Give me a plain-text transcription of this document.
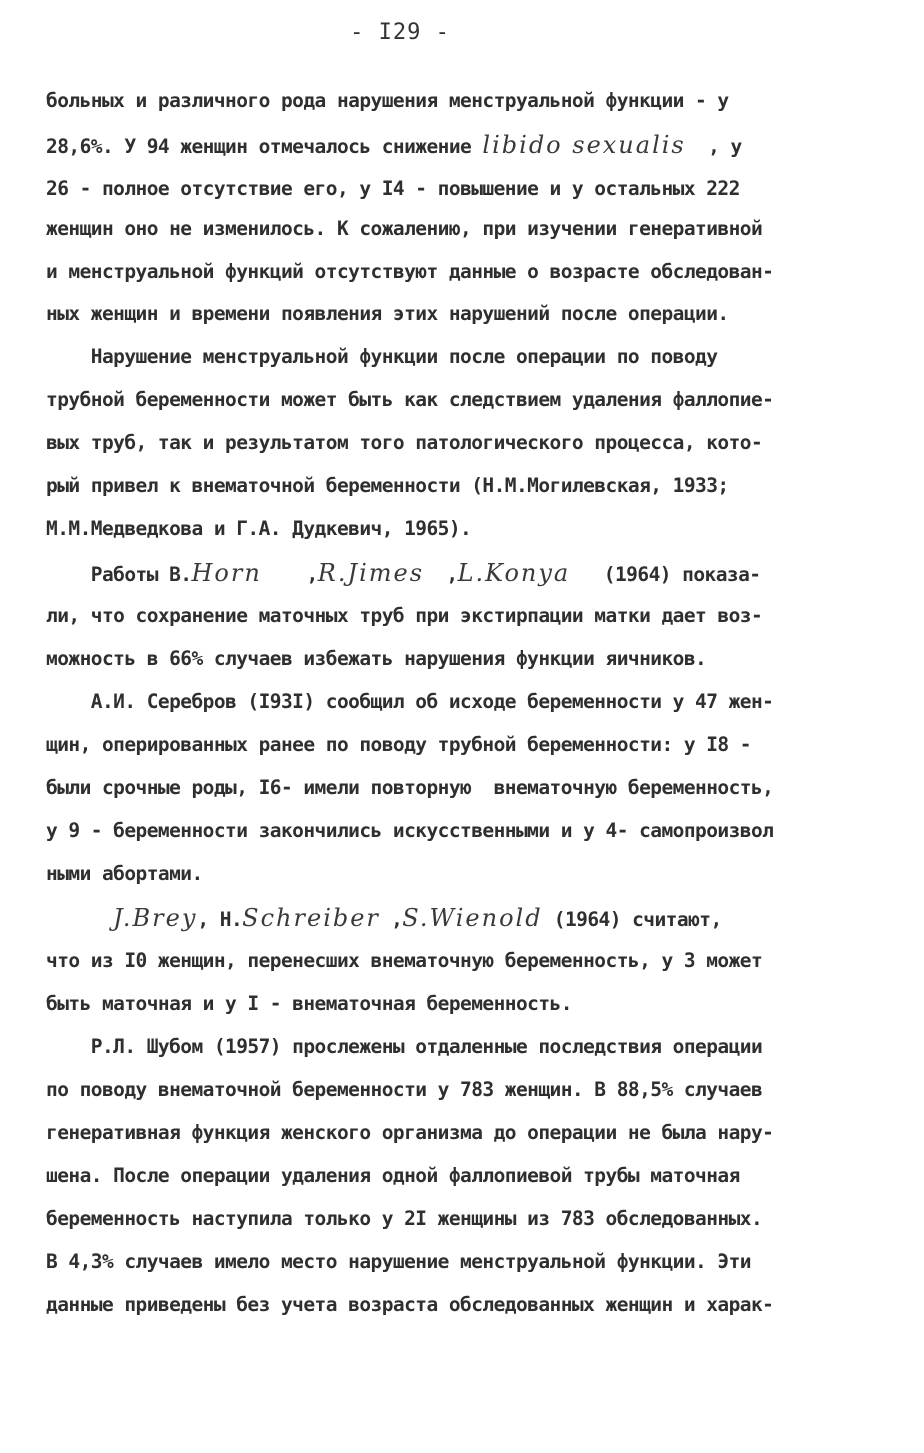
- I29 -
больных и различного рода нарушения менструальной функции - у
28,6%. У 94 женщин отмечалось снижение libido sexualis  , у
26 - полное отсутствие его, у I4 - повышение и у остальных 222
женщин оно не изменилось. К сожалению, при изучении генеративной
и менструальной функций отсутствуют данные о возрасте обследован-
ных женщин и времени появления этих нарушений после операции.
Нарушение менструальной функции после операции по поводу
трубной беременности может быть как следствием удаления фаллопие-
вых труб, так и результатом того патологического процесса, кото-
рый привел к внематочной беременности (Н.М.Могилевская, 1933;
М.М.Медведкова и Г.А. Дудкевич, 1965).
Работы В.Horn    ,R.Jimes  ,L.Konya   (1964) показа-
ли, что сохранение маточных труб при экстирпации матки дает воз-
можность в 66% случаев избежать нарушения функции яичников.
А.И. Серебров (I93I) сообщил об исходе беременности у 47 жен-
щин, оперированных ранее по поводу трубной беременности: у I8 -
были срочные роды, I6- имели повторную  внематочную беременность,
у 9 - беременности закончились искусственными и у 4- самопроизвол
ными абортами.
J.Brey, H.Schreiber ,S.Wienold (1964) считают,
что из I0 женщин, перенесших внематочную беременность, у 3 может
быть маточная и у I - внематочная беременность.
Р.Л. Шубом (1957) прослежены отдаленные последствия операции
по поводу внематочной беременности у 783 женщин. В 88,5% случаев
генеративная функция женского организма до операции не была нару-
шена. После операции удаления одной фаллопиевой трубы маточная
беременность наступила только у 2I женщины из 783 обследованных.
В 4,3% случаев имело место нарушение менструальной функции. Эти
данные приведены без учета возраста обследованных женщин и харак-
